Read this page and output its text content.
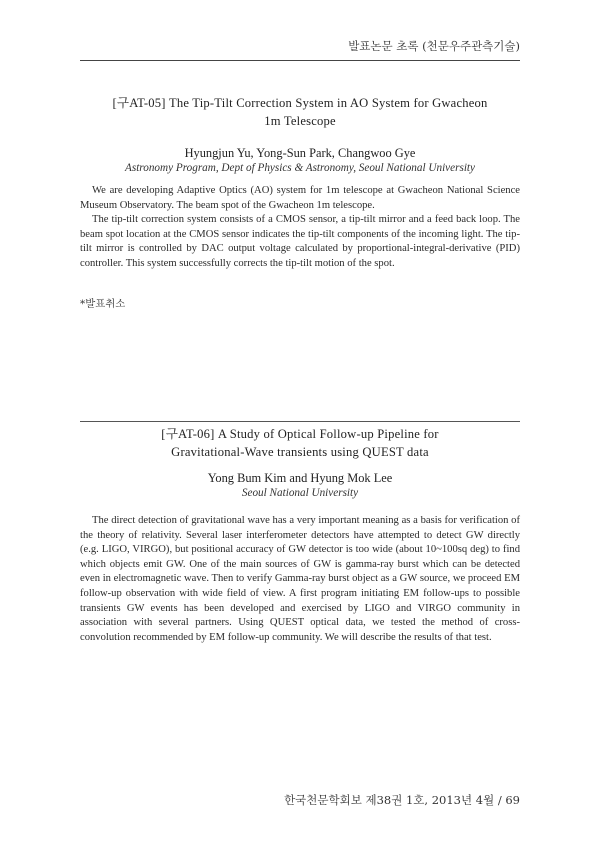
발표논문 초록 (천문우주관측기술)
[구AT-05] The Tip-Tilt Correction System in AO System for Gwacheon
1m Telescope
Hyungjun Yu, Yong-Sun Park, Changwoo Gye
Astronomy Program, Dept of Physics & Astronomy, Seoul National University

We are developing Adaptive Optics (AO) system for 1m telescope at Gwacheon National Science Museum Observatory. The beam spot of the Gwacheon 1m telescope.

The tip-tilt correction system consists of a CMOS sensor, a tip-tilt mirror and a feed back loop. The beam spot location at the CMOS sensor indicates the tip-tilt components of the incoming light. The tip-tilt mirror is controlled by DAC output voltage calculated by proportional-integral-derivative (PID) controller. This system successfully corrects the tip-tilt motion of the spot.

*발표취소
[구AT-06] A Study of Optical Follow-up Pipeline for
Gravitational-Wave transients using QUEST data
Yong Bum Kim and Hyung Mok Lee
Seoul National University

The direct detection of gravitational wave has a very important meaning as a basis for verification of the theory of relativity. Several laser interferometer detectors have attempted to detect GW directly (e.g. LIGO, VIRGO), but positional accuracy of GW detector is too wide (about 10~100sq deg) to find which objects emit GW. One of the main sources of GW is gamma-ray burst which can be detected even in electromagnetic wave. Then to verify Gamma-ray burst object as a GW source, we proceed EM follow-up observation with wide field of view. A first program initiating EM follow-ups to possible transients GW events has been developed and exercised by LIGO and VIRGO community in association with several partners. Using QUEST optical data, we tested the method of cross-convolution recommended by EM follow-up community. We will describe the results of that test.

한국천문학회보 제38권 1호, 2013년 4월 / 69
